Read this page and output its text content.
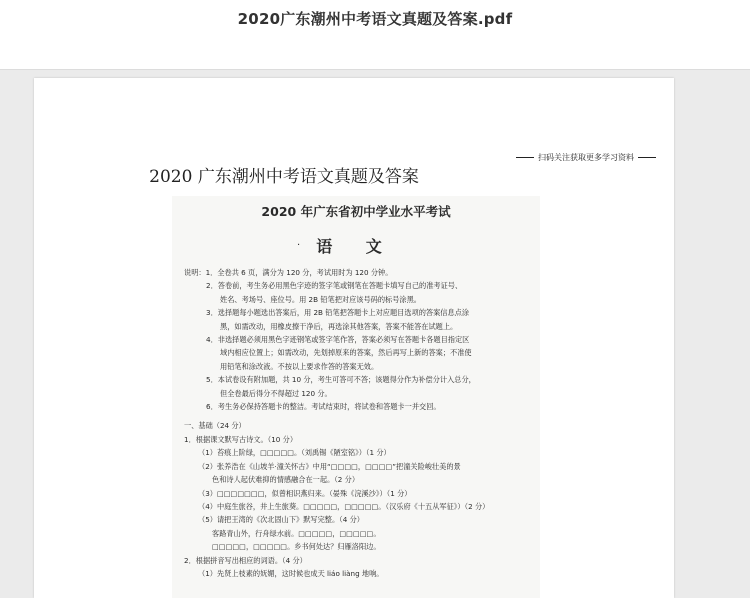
2020广东潮州中考语文真题及答案.pdf
扫码关注获取更多学习资料
2020 广东潮州中考语文真题及答案
2020 年广东省初中学业水平考试
·	语 文
说明：1．全卷共 6 页，满分为 120 分，考试用时为 120 分钟。
2．答卷前，考生务必用黑色字迹的签字笔或钢笔在答题卡填写自己的准考证号、
姓名、考场号、座位号。用 2B 铅笔把对应该号码的标号涂黑。
3．选择题每小题选出答案后，用 2B 铅笔把答题卡上对应题目选项的答案信息点涂
黑，如需改动，用橡皮擦干净后，再选涂其他答案，答案不能答在试题上。
4．非选择题必须用黑色字迹钢笔或签字笔作答，答案必须写在答题卡各题目指定区
域内相应位置上；如需改动，先划掉原来的答案，然后再写上新的答案；不准使
用铅笔和涂改液。不按以上要求作答的答案无效。
5．本试卷设有附加题，共 10 分，考生可答可不答；该题得分作为补偿分计入总分，
但全卷最后得分不得超过 120 分。
6．考生务必保持答题卡的整洁。考试结束时，将试卷和答题卡一并交回。
一、基础（24 分）
1．根据课文默写古诗文。（10 分）
（1）苔痕上阶绿，□□□□□。（刘禹锡《陋室铭》）（1 分）
（2）张养浩在《山坡羊·潼关怀古》中用“□□□□，□□□□”把潼关险峻壮美的景
色和诗人起伏难抑的情感融合在一起。（2 分）
（3）□□□□□□□，似曾相识燕归来。（晏殊《浣溪沙》）（1 分）
（4）中庭生旅谷，井上生旅葵。□□□□□，□□□□□。（汉乐府《十五从军征》）（2 分）
（5）请把王湾的《次北固山下》默写完整。（4 分）
客路青山外，行舟绿水前。□□□□□，□□□□□。
□□□□□，□□□□□。乡书何处达？归雁洛阳边。
2．根据拼音写出相应的词语。（4 分）
（1）先贤上枝素的妩媚，这时候也成天 liáo liàng 地响。
